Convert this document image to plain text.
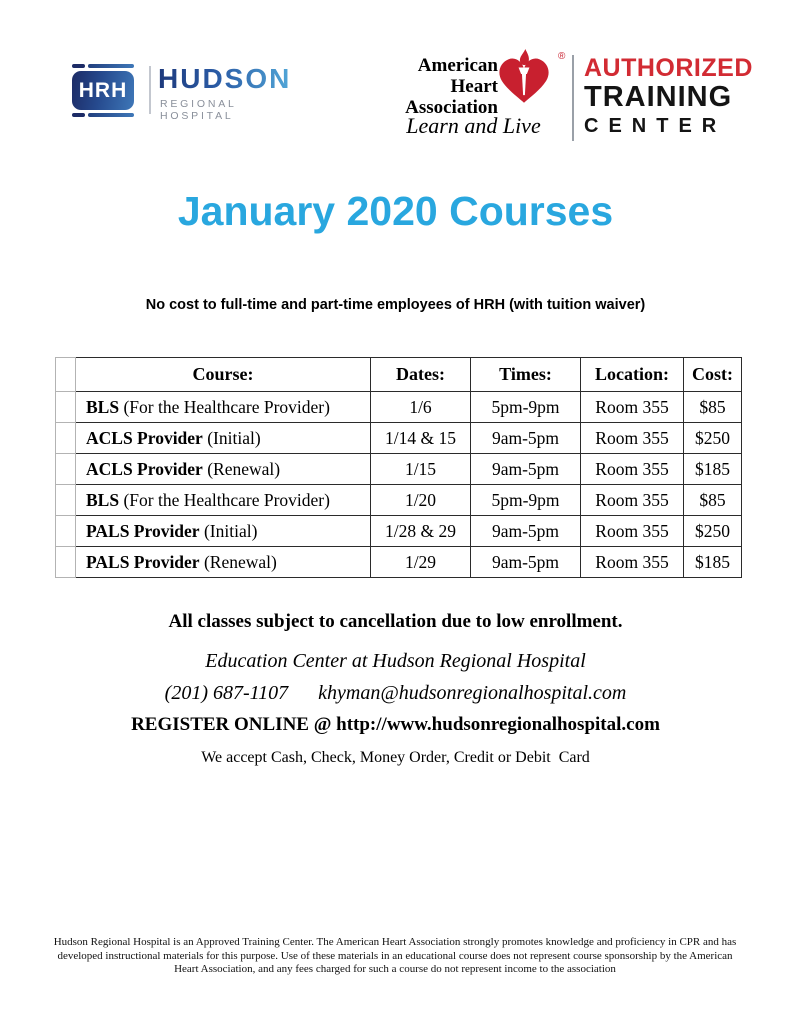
HRH HUDSON
REGIONAL HOSPITAL
American Heart
Association
®
Learn and Live
AUTHORIZED
TRAINING
CENTER
January 2020 Courses

No cost to full-time and part-time employees of HRH (with tuition waiver)

	Course:	Dates:	Times:	Location:	Cost:
	BLS (For the Healthcare Provider)	1/6	5pm-9pm	Room 355	$85
	ACLS Provider (Initial)	1/14 & 15	9am-5pm	Room 355	$250
	ACLS Provider (Renewal)	1/15	9am-5pm	Room 355	$185
	BLS (For the Healthcare Provider)	1/20	5pm-9pm	Room 355	$85
	PALS Provider (Initial)	1/28 & 29	9am-5pm	Room 355	$250
	PALS Provider (Renewal)	1/29	9am-5pm	Room 355	$185

All classes subject to cancellation due to low enrollment.

Education Center at Hudson Regional Hospital

(201) 687-1107 khyman@hudsonregionalhospital.com

REGISTER ONLINE @ http://www.hudsonregionalhospital.com

We accept Cash, Check, Money Order, Credit or Debit  Card

Hudson Regional Hospital is an Approved Training Center. The American Heart Association strongly promotes knowledge and proficiency in CPR and has developed instructional materials for this purpose. Use of these materials in an educational course does not represent course sponsorship by the American Heart Association, and any fees charged for such a course do not represent income to the association
